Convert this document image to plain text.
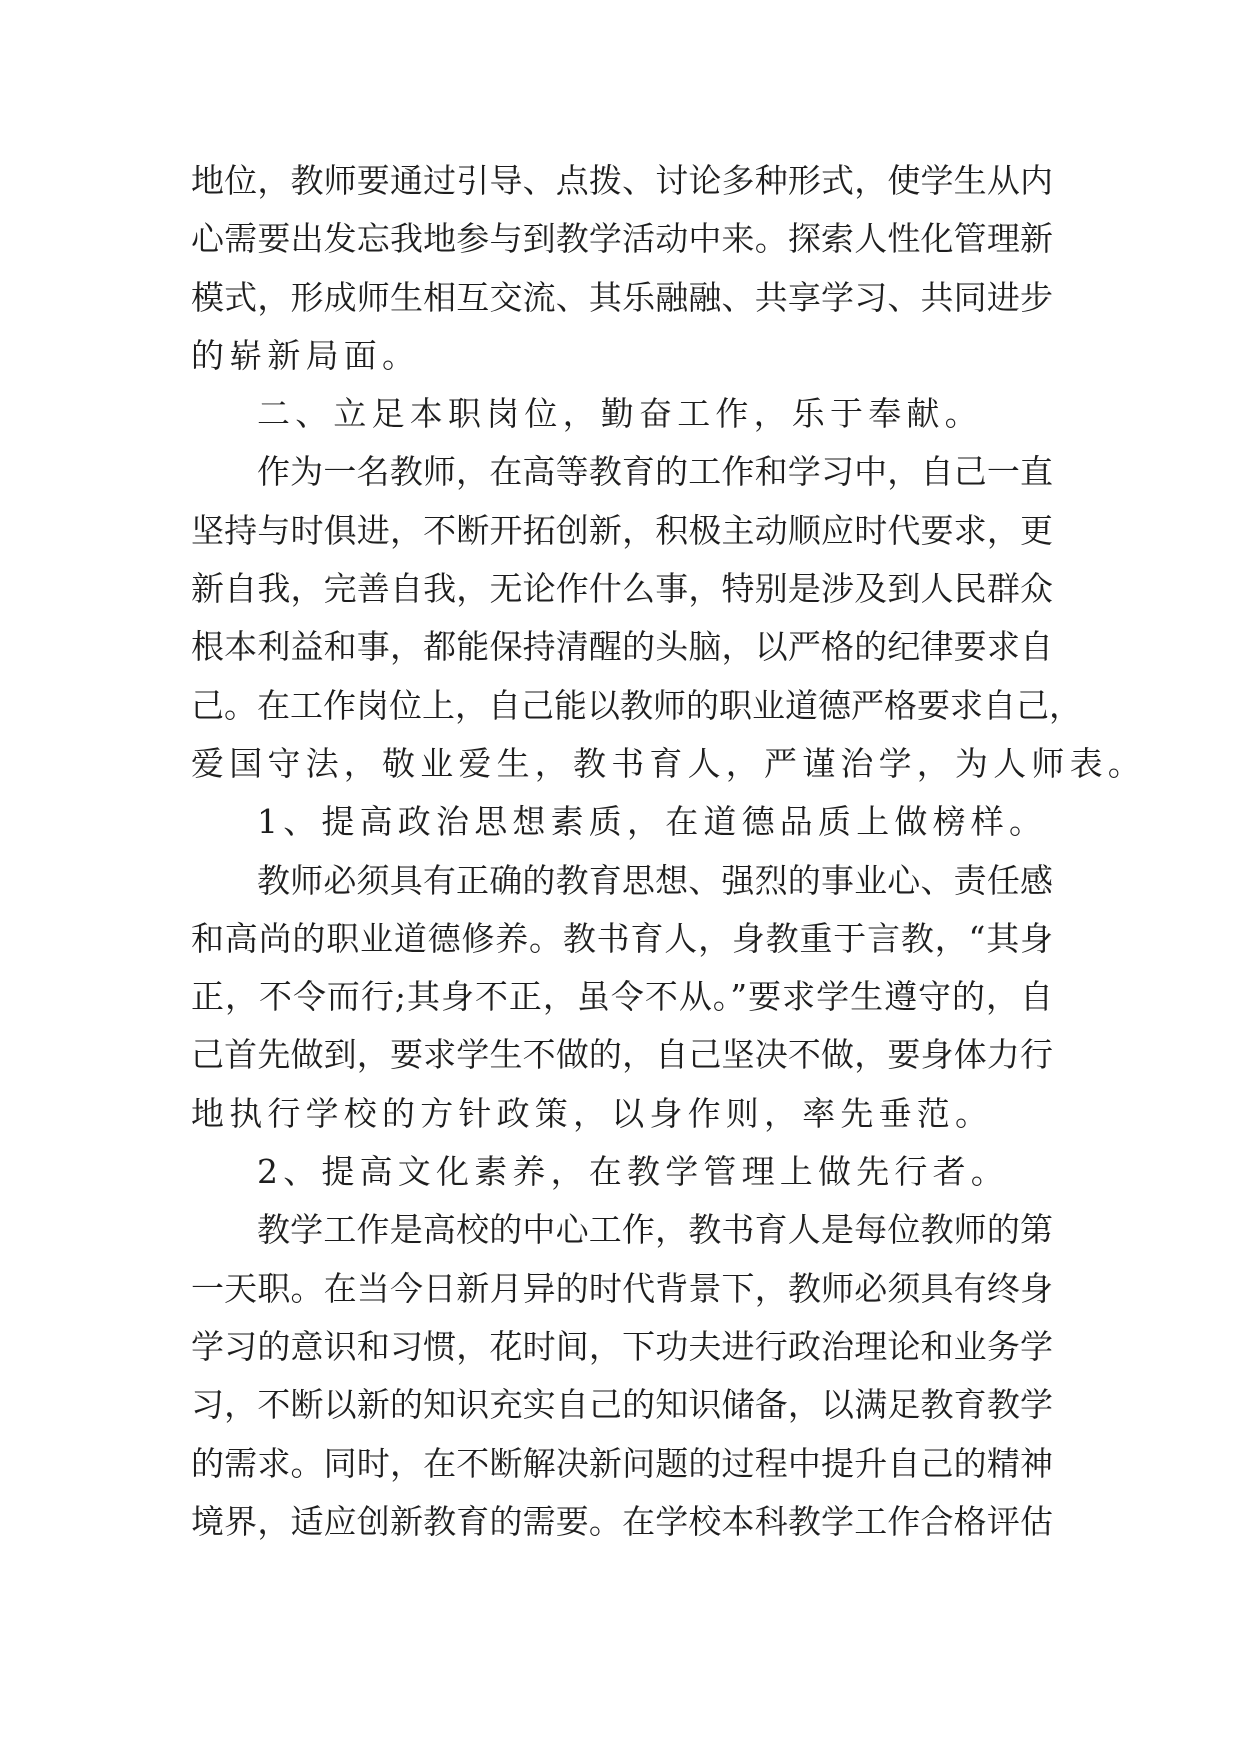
地位，教师要通过引导、点拨、讨论多种形式，使学生从内
心需要出发忘我地参与到教学活动中来。探索人性化管理新
模式，形成师生相互交流、其乐融融、共享学习、共同进步
的崭新局面。
二、立足本职岗位，勤奋工作，乐于奉献。
作为一名教师，在高等教育的工作和学习中，自己一直
坚持与时俱进，不断开拓创新，积极主动顺应时代要求，更
新自我，完善自我，无论作什么事，特别是涉及到人民群众
根本利益和事，都能保持清醒的头脑，以严格的纪律要求自
己。在工作岗位上，自己能以教师的职业道德严格要求自己，
爱国守法，敬业爱生，教书育人，严谨治学，为人师表。
1、提高政治思想素质，在道德品质上做榜样。
教师必须具有正确的教育思想、强烈的事业心、责任感
和高尚的职业道德修养。教书育人，身教重于言教，“其身
正，不令而行;其身不正，虽令不从。”要求学生遵守的，自
己首先做到，要求学生不做的，自己坚决不做，要身体力行
地执行学校的方针政策，以身作则，率先垂范。
2、提高文化素养，在教学管理上做先行者。
教学工作是高校的中心工作，教书育人是每位教师的第
一天职。在当今日新月异的时代背景下，教师必须具有终身
学习的意识和习惯，花时间，下功夫进行政治理论和业务学
习，不断以新的知识充实自己的知识储备，以满足教育教学
的需求。同时，在不断解决新问题的过程中提升自己的精神
境界，适应创新教育的需要。在学校本科教学工作合格评估
